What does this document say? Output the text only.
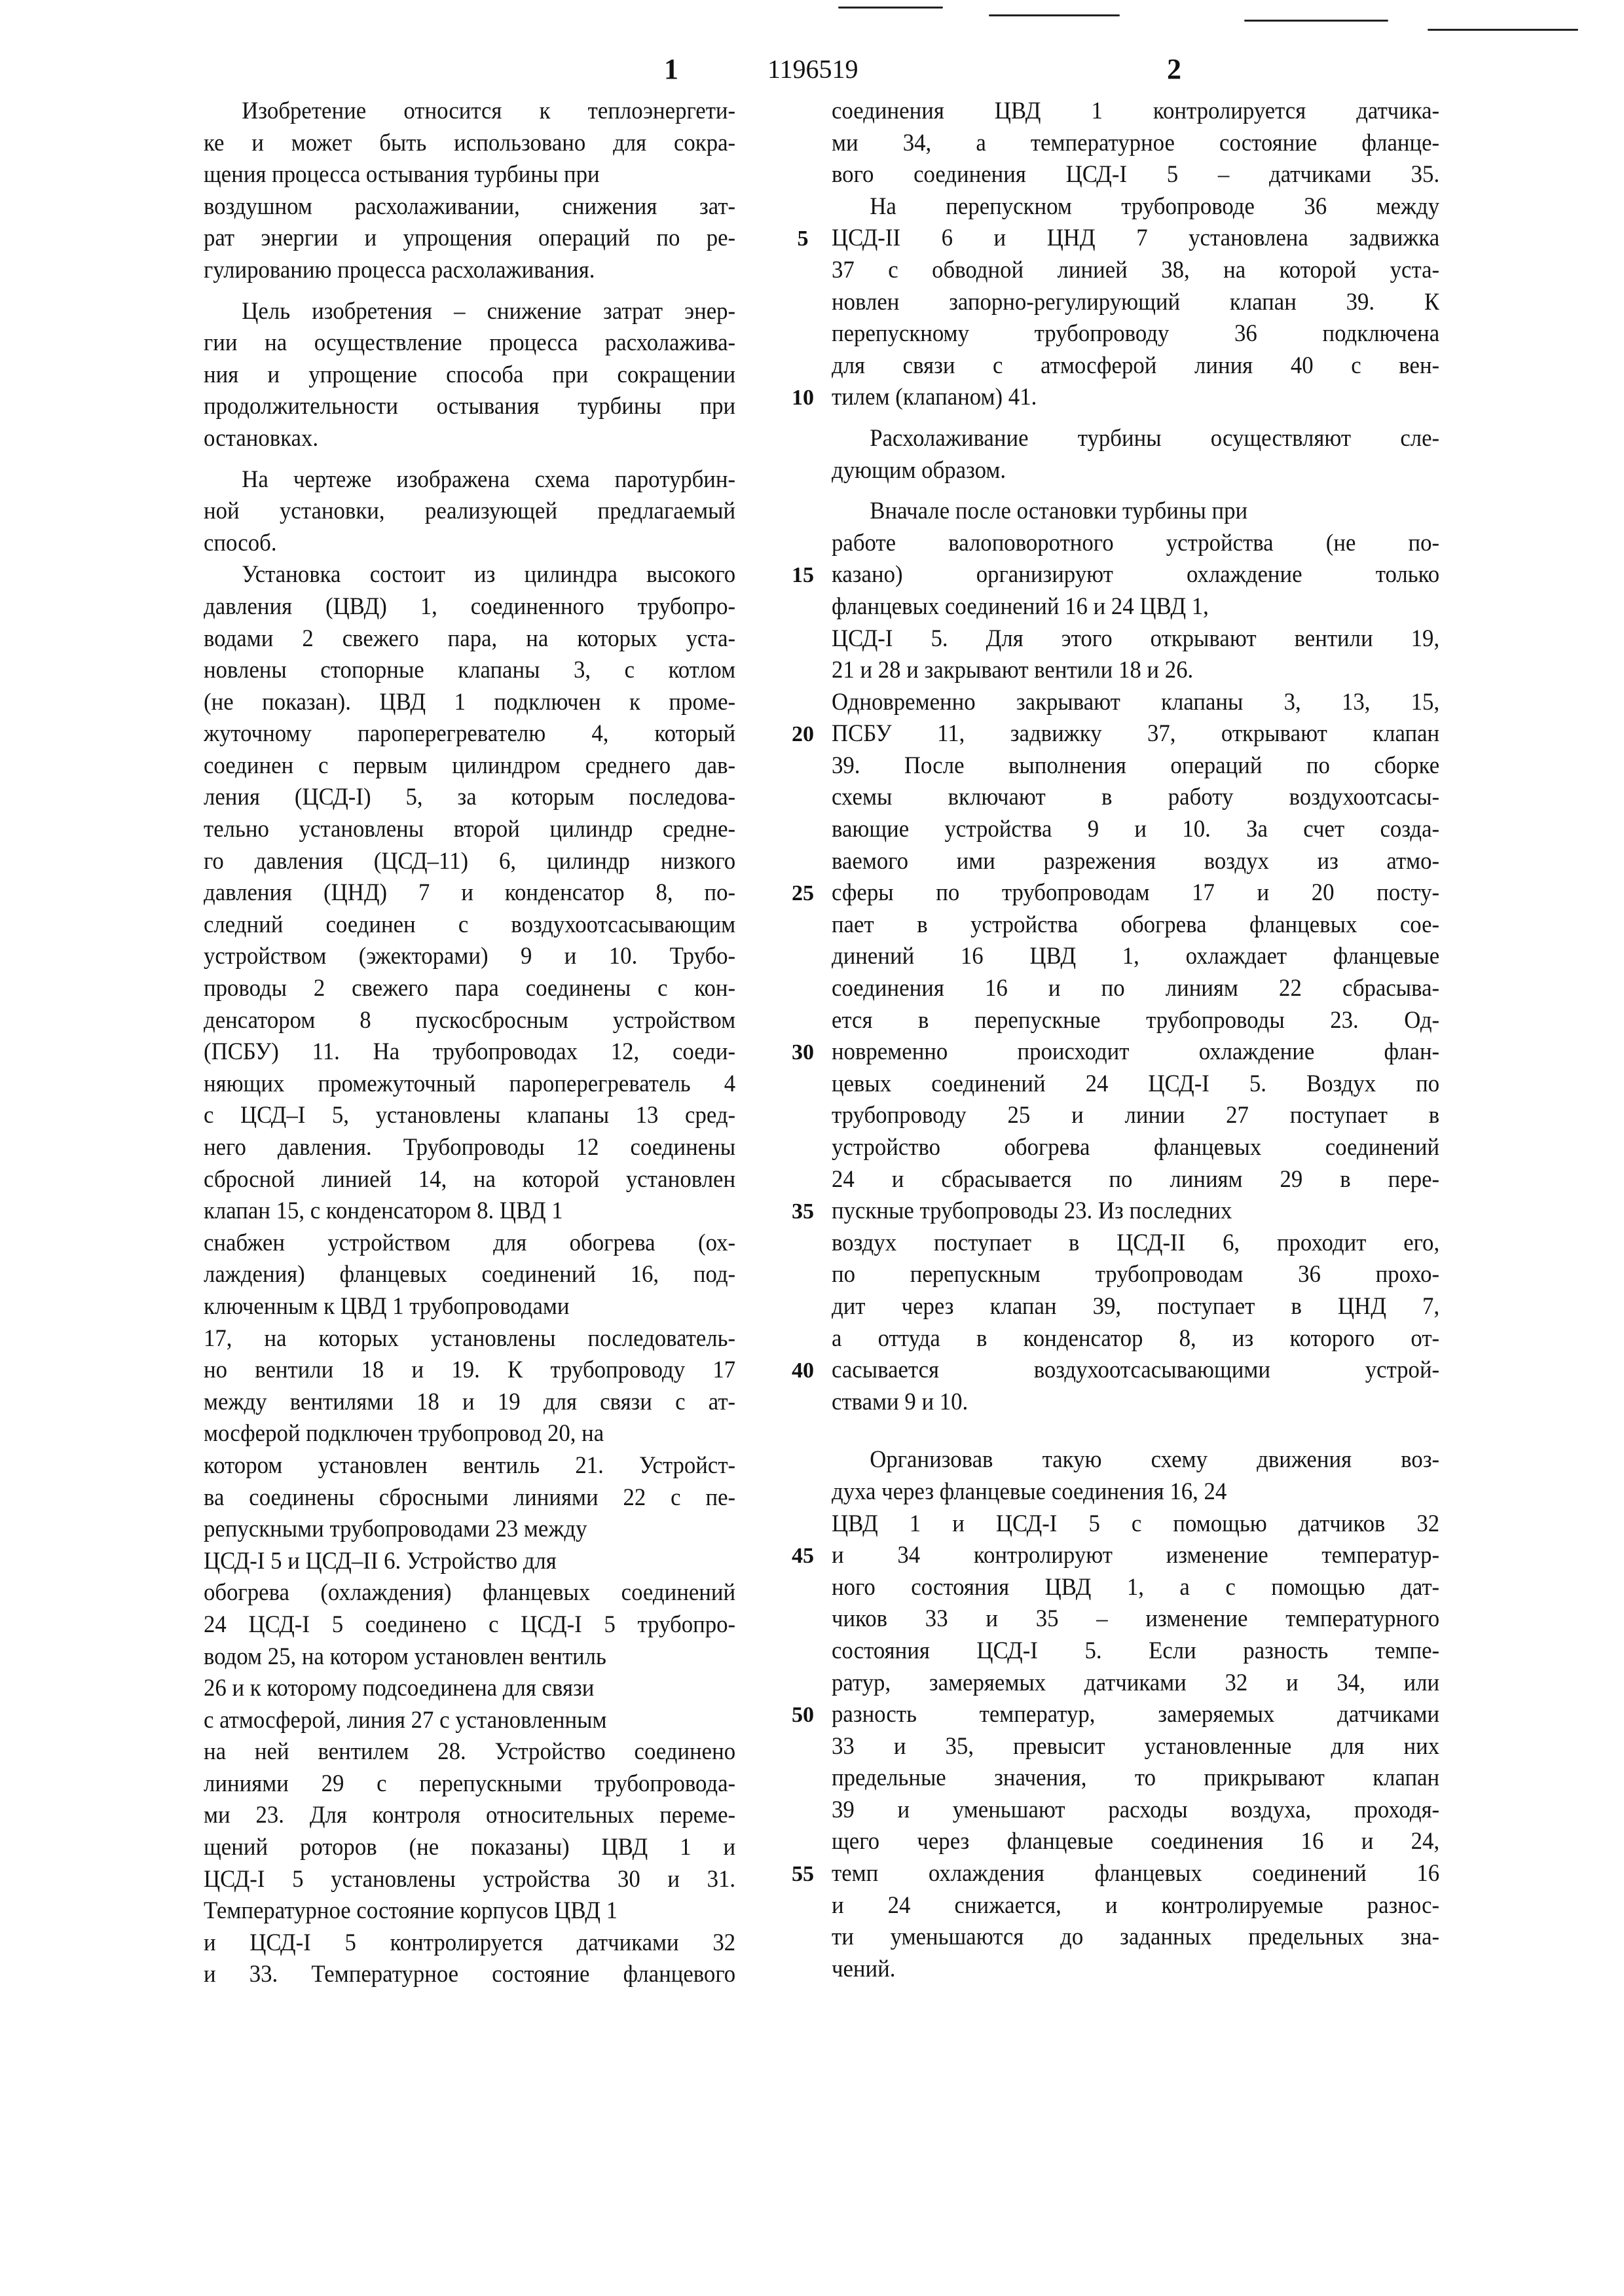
1	1196519	2
Изобретение относится к теплоэнергети-
ке и может быть использовано для сокра-
щения процесса остывания турбины при
воздушном расхолаживании, снижения зат-
рат энергии и упрощения операций по ре-
гулированию процесса расхолаживания.
Цель изобретения – снижение затрат энер-
гии на осуществление процесса расхолажива-
ния и упрощение способа при сокращении
продолжительности остывания турбины при
остановках.
На чертеже изображена схема паротурбин-
ной установки, реализующей предлагаемый
способ.
Установка состоит из цилиндра высокого
давления (ЦВД) 1, соединенного трубопро-
водами 2 свежего пара, на которых уста-
новлены стопорные клапаны 3, с котлом
(не показан). ЦВД 1 подключен к проме-
жуточному пароперегревателю 4, который
соединен с первым цилиндром среднего дав-
ления (ЦСД-I) 5, за которым последова-
тельно установлены второй цилиндр средне-
го давления (ЦСД–11) 6, цилиндр низкого
давления (ЦНД) 7 и конденсатор 8, по-
следний соединен с воздухоотсасывающим
устройством (эжекторами) 9 и 10. Трубо-
проводы 2 свежего пара соединены с кон-
денсатором 8 пускосбросным устройством
(ПСБУ) 11. На трубопроводах 12, соеди-
няющих промежуточный пароперегреватель 4
с ЦСД–I 5, установлены клапаны 13 сред-
него давления. Трубопроводы 12 соединены
сбросной линией 14, на которой установлен
клапан 15, с конденсатором 8. ЦВД 1
снабжен устройством для обогрева (ох-
лаждения) фланцевых соединений 16, под-
ключенным к ЦВД 1 трубопроводами
17, на которых установлены последователь-
но вентили 18 и 19. К трубопроводу 17
между вентилями 18 и 19 для связи с ат-
мосферой подключен трубопровод 20, на
котором установлен вентиль 21. Устройст-
ва соединены сбросными линиями 22 с пе-
репускными трубопроводами 23 между
ЦСД-I 5 и ЦСД–II 6. Устройство для
обогрева (охлаждения) фланцевых соединений
24 ЦСД-I 5 соединено с ЦСД-I 5 трубопро-
водом 25, на котором установлен вентиль
26 и к которому подсоединена для связи
с атмосферой, линия 27 с установленным
на ней вентилем 28. Устройство соединено
линиями 29 с перепускными трубопровода-
ми 23. Для контроля относительных переме-
щений роторов (не показаны) ЦВД 1 и
ЦСД-I 5 установлены устройства 30 и 31.
Температурное состояние корпусов ЦВД 1
и ЦСД-I 5 контролируется датчиками 32
и 33. Температурное состояние фланцевого
соединения ЦВД 1 контролируется датчика-
ми 34, а температурное состояние фланце-
вого соединения ЦСД-I 5 – датчиками 35.
На перепускном трубопроводе 36 между
ЦСД-II 6 и ЦНД 7 установлена задвижка
37 с обводной линией 38, на которой уста-
новлен запорно-регулирующий клапан 39. К
перепускному трубопроводу 36 подключена
для связи с атмосферой линия 40 с вен-
тилем (клапаном) 41.
Расхолаживание турбины осуществляют сле-
дующим образом.
Вначале после остановки турбины при
работе валоповоротного устройства (не по-
казано) организируют охлаждение только
фланцевых соединений 16 и 24 ЦВД 1,
ЦСД-I 5. Для этого открывают вентили 19,
21 и 28 и закрывают вентили 18 и 26.
Одновременно закрывают клапаны 3, 13, 15,
ПСБУ 11, задвижку 37, открывают клапан
39. После выполнения операций по сборке
схемы включают в работу воздухоотсасы-
вающие устройства 9 и 10. За счет созда-
ваемого ими разрежения воздух из атмо-
сферы по трубопроводам 17 и 20 посту-
пает в устройства обогрева фланцевых сое-
динений 16 ЦВД 1, охлаждает фланцевые
соединения 16 и по линиям 22 сбрасыва-
ется в перепускные трубопроводы 23. Од-
новременно происходит охлаждение флан-
цевых соединений 24 ЦСД-I 5. Воздух по
трубопроводу 25 и линии 27 поступает в
устройство обогрева фланцевых соединений
24 и сбрасывается по линиям 29 в пере-
пускные трубопроводы 23. Из последних
воздух поступает в ЦСД-II 6, проходит его,
по перепускным трубопроводам 36 прохо-
дит через клапан 39, поступает в ЦНД 7,
а оттуда в конденсатор 8, из которого от-
сасывается воздухоотсасывающими устрой-
ствами 9 и 10.
Организовав такую схему движения воз-
духа через фланцевые соединения 16, 24
ЦВД 1 и ЦСД-I 5 с помощью датчиков 32
и 34 контролируют изменение температур-
ного состояния ЦВД 1, а с помощью дат-
чиков 33 и 35 – изменение температурного
состояния ЦСД-I 5. Если разность темпе-
ратур, замеряемых датчиками 32 и 34, или
разность температур, замеряемых датчиками
33 и 35, превысит установленные для них
предельные значения, то прикрывают клапан
39 и уменьшают расходы воздуха, проходя-
щего через фланцевые соединения 16 и 24,
темп охлаждения фланцевых соединений 16
и 24 снижается, и контролируемые разнос-
ти уменьшаются до заданных предельных зна-
чений.
5
10
15
20
25
30
35
40
45
50
55
